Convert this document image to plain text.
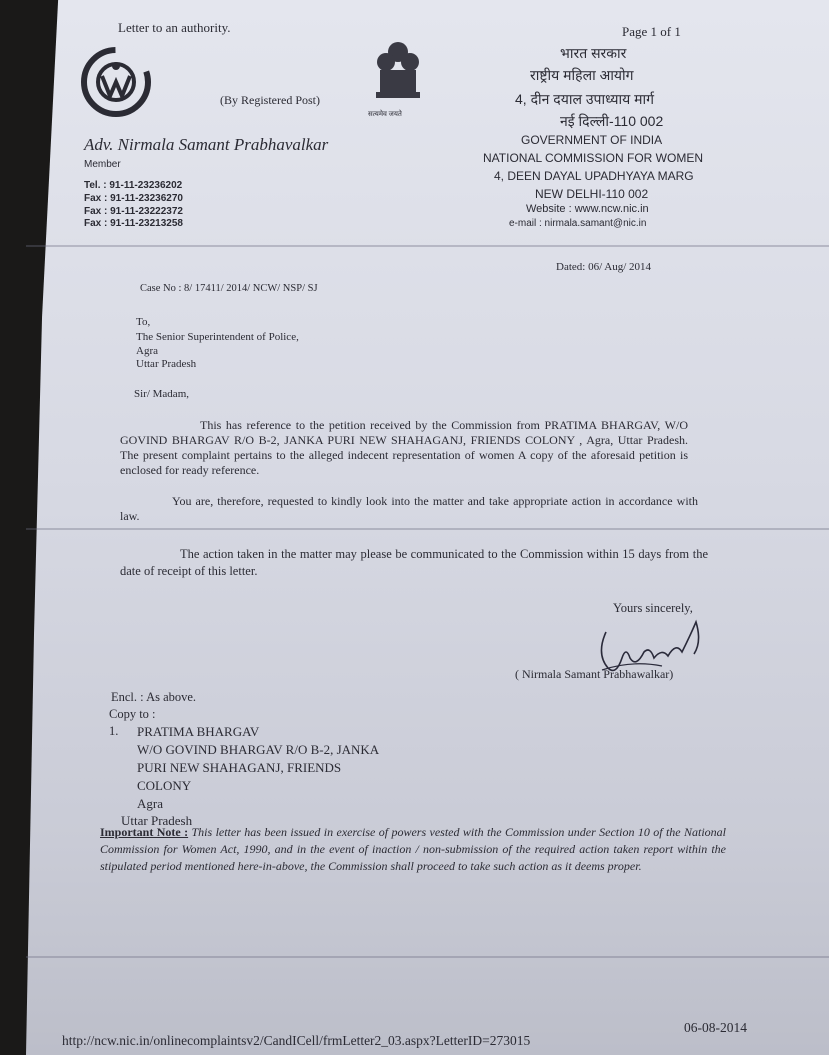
Letter to an authority.
(By Registered Post)
सत्यमेव जयते
Page 1 of 1
भारत सरकार
राष्ट्रीय महिला आयोग
4, दीन दयाल उपाध्याय मार्ग
नई दिल्ली-110 002
GOVERNMENT OF INDIA
NATIONAL COMMISSION FOR WOMEN
4, DEEN DAYAL UPADHYAYA MARG
NEW DELHI-110 002
Website : www.ncw.nic.in
e-mail : nirmala.samant@nic.in
Adv. Nirmala Samant Prabhavalkar
Member
Tel. : 91-11-23236202
Fax : 91-11-23236270
Fax : 91-11-23222372
Fax : 91-11-23213258
Dated: 06/ Aug/ 2014
Case No : 8/ 17411/ 2014/ NCW/ NSP/ SJ
To,
The Senior Superintendent of Police,
Agra
Uttar Pradesh
Sir/ Madam,
This has reference to the petition received by the Commission from PRATIMA BHARGAV, W/O GOVIND BHARGAV R/O B-2, JANKA PURI NEW SHAHAGANJ, FRIENDS COLONY , Agra, Uttar Pradesh. The present complaint pertains to the alleged indecent representation of women A copy of the aforesaid petition is enclosed for ready reference.
You are, therefore, requested to kindly look into the matter and take appropriate action in accordance with law.
The action taken in the matter may please be communicated to the Commission within 15 days from the date of receipt of this letter.
Yours sincerely,
( Nirmala Samant Prabhawalkar)
Encl. : As above.
Copy to :
1. PRATIMA BHARGAV
W/O GOVIND BHARGAV R/O B-2, JANKA
PURI NEW SHAHAGANJ, FRIENDS
COLONY
Agra
Uttar Pradesh
Important Note : This letter has been issued in exercise of powers vested with the Commission under Section 10 of the National Commission for Women Act, 1990, and in the event of inaction / non-submission of the required action taken report within the stipulated period mentioned here-in-above, the Commission shall proceed to take such action as it deems proper.
http://ncw.nic.in/onlinecomplaintsv2/CandICell/frmLetter2_03.aspx?LetterID=273015
06-08-2014
